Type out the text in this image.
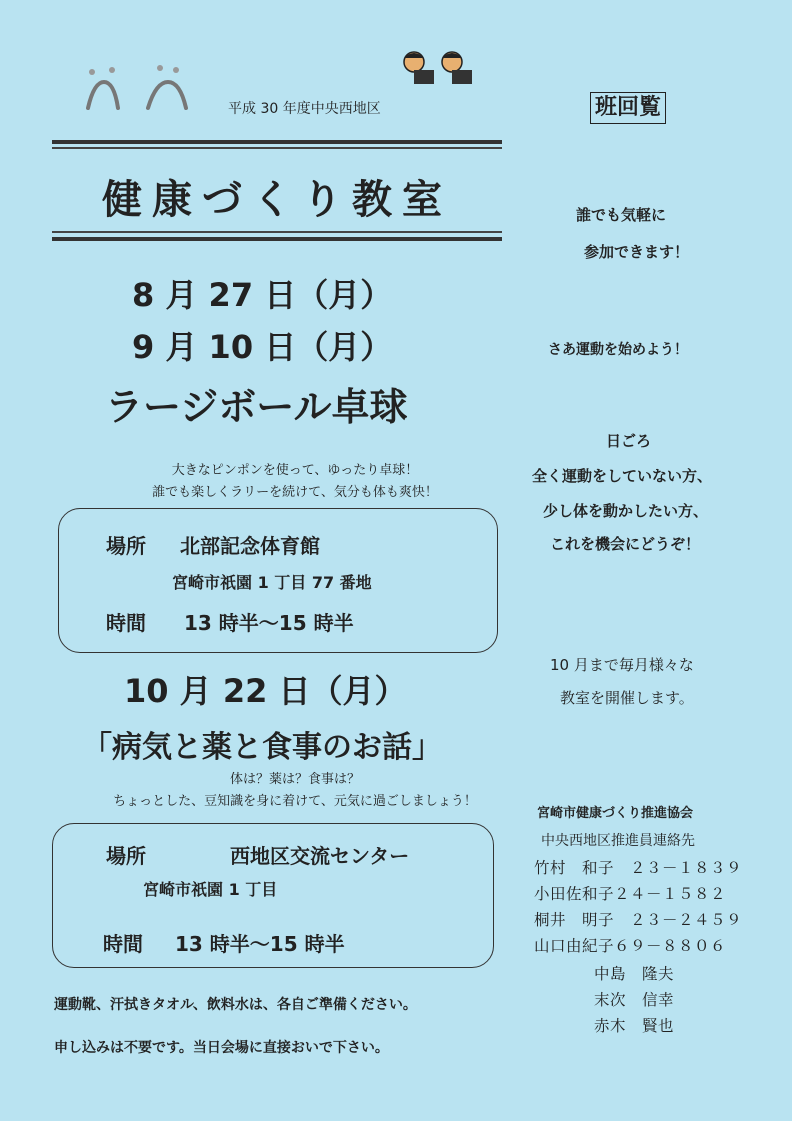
平成 30 年度中央西地区	班回覧
健康づくり教室
8 月 27 日（月）
9 月 10 日（月）
ラージボール卓球
大きなピンポンを使って、ゆったり卓球！
誰でも楽しくラリーを続けて、気分も体も爽快！
場所 北部記念体育館
宮崎市祇園 1 丁目 77 番地
時間 13 時半～15 時半
10 月 22 日（月）
「病気と薬と食事のお話」
体は？薬は？食事は？
ちょっとした、豆知識を身に着けて、元気に過ごしましょう！
場所	西地区交流センター
宮崎市祇園 1 丁目
時間 13 時半～15 時半
運動靴、汗拭きタオル、飲料水は、各自ご準備ください。
申し込みは不要です。当日会場に直接おいで下さい。
誰でも気軽に
参加できます！
さあ運動を始めよう！
日ごろ
全く運動をしていない方、
少し体を動かしたい方、
これを機会にどうぞ！
10 月まで毎月様々な
教室を開催します。
宮崎市健康づくり推進協会
中央西地区推進員連絡先
竹村　和子　２３－１８３９
小田佐和子２４－１５８２
桐井　明子　２３－２４５９
山口由紀子６９－８８０６
中島　隆夫
末次　信幸
赤木　賢也
